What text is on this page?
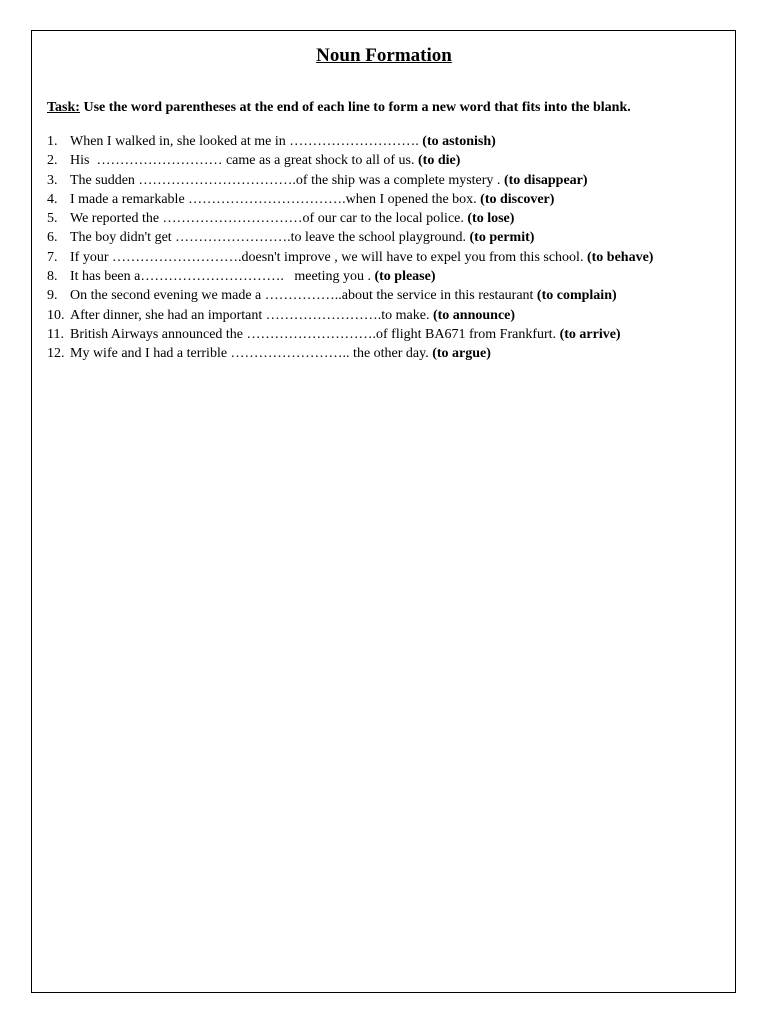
Noun Formation
Task: Use the word parentheses at the end of each line to form a new word that fits into the blank.
1. When I walked in, she looked at me in ………………………. (to astonish)
2. His  ……………………… came as a great shock to all of us. (to die)
3. The sudden …………………………….of the ship was a complete mystery . (to disappear)
4. I made a remarkable …………………………….when I opened the box. (to discover)
5. We reported the …………………………of our car to the local police. (to lose)
6. The boy didn't get …………………….to leave the school playground. (to permit)
7. If your ……………………….doesn't improve , we will have to expel you from this school. (to behave)
8. It has been a………………………….   meeting you . (to please)
9. On the second evening we made a ……………..about the service in this restaurant (to complain)
10. After dinner, she had an important …………………….to make. (to announce)
11. British Airways announced the ……………………….of flight BA671 from Frankfurt. (to arrive)
12. My wife and I had a terrible …………………….. the other day. (to argue)
